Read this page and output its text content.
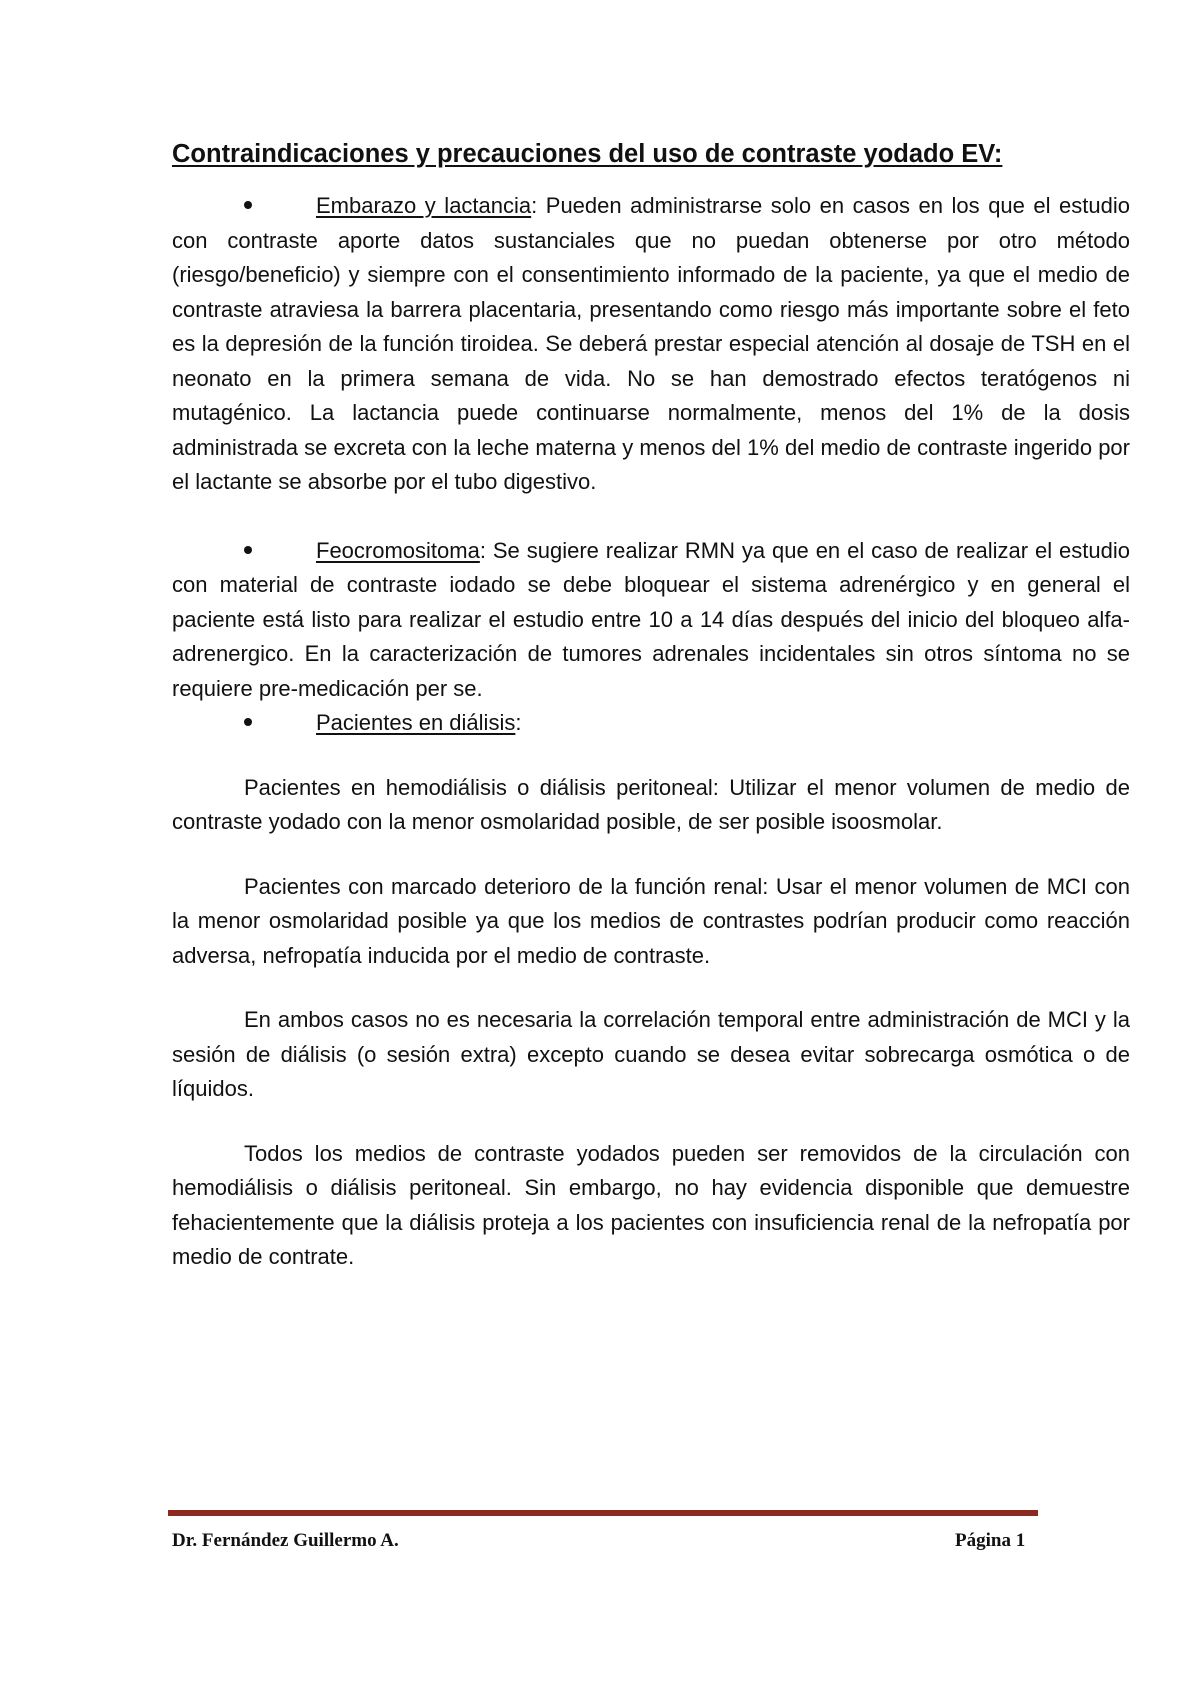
Contraindicaciones y precauciones del uso de contraste yodado EV:

Embarazo y lactancia: Pueden administrarse solo en casos en los que el estudio con contraste aporte datos sustanciales que no puedan obtenerse por otro método (riesgo/beneficio) y siempre con el consentimiento informado de la paciente, ya que el medio de contraste atraviesa la barrera placentaria, presentando como riesgo más importante sobre el feto es la depresión de la función tiroidea. Se deberá prestar especial atención al dosaje de TSH en el neonato en la primera semana de vida. No se han demostrado efectos teratógenos ni mutagénico. La lactancia puede continuarse normalmente, menos del 1% de la dosis administrada se excreta con la leche materna y menos del 1% del medio de contraste ingerido por el lactante se absorbe por el tubo digestivo.

Feocromositoma: Se sugiere realizar RMN ya que en el caso de realizar el estudio con material de contraste iodado se debe bloquear el sistema adrenérgico y en general el paciente está listo para realizar el estudio entre 10 a 14 días después del inicio del bloqueo alfa-adrenergico. En la caracterización de tumores adrenales incidentales sin otros síntoma no se requiere pre-medicación per se.

Pacientes en diálisis:

Pacientes en hemodiálisis o diálisis peritoneal: Utilizar el menor volumen de medio de contraste yodado con la menor osmolaridad posible, de ser posible isoosmolar.

Pacientes con marcado deterioro de la función renal: Usar el menor volumen de MCI con la menor osmolaridad posible ya que los medios de contrastes podrían producir como reacción adversa, nefropatía inducida por el medio de contraste.

En ambos casos no es necesaria la correlación temporal entre administración de MCI y la sesión de diálisis (o sesión extra) excepto cuando se desea evitar sobrecarga osmótica o de líquidos.

Todos los medios de contraste yodados pueden ser removidos de la circulación con hemodiálisis o diálisis peritoneal. Sin embargo, no hay evidencia disponible que demuestre fehacientemente que la diálisis proteja a los pacientes con insuficiencia renal de la nefropatía por medio de contrate.

Dr. Fernández Guillermo A.	Página 1
